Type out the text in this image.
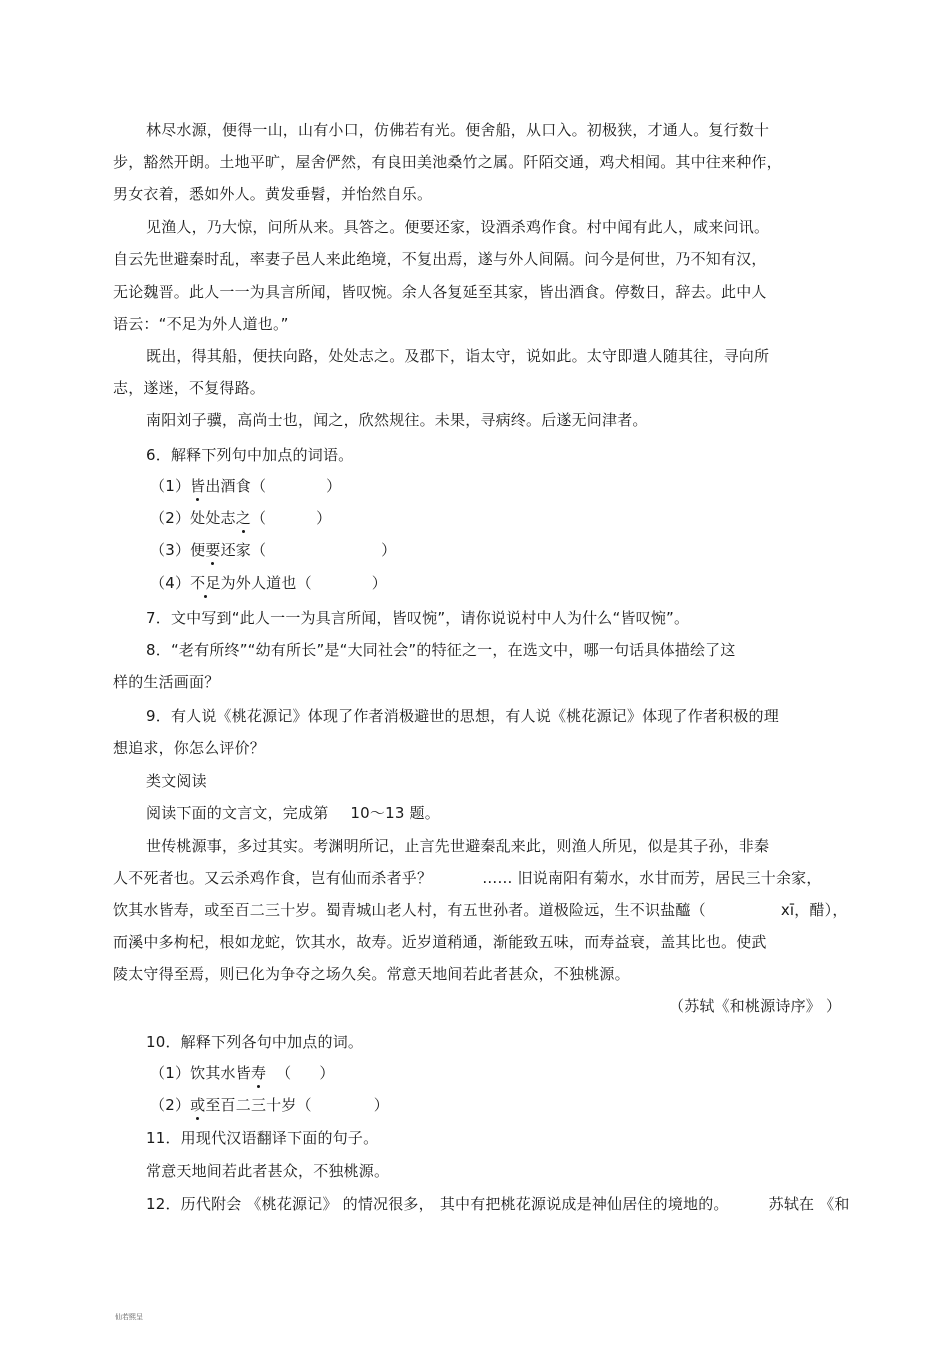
林尽水源，便得一山，山有小口，仿佛若有光。便舍船，从口入。初极狭，才通人。复行数十
步，豁然开朗。土地平旷，屋舍俨然，有良田美池桑竹之属。阡陌交通，鸡犬相闻。其中往来种作，
男女衣着，悉如外人。黄发垂髫，并怡然自乐。
见渔人，乃大惊，问所从来。具答之。便要还家，设酒杀鸡作食。村中闻有此人，咸来问讯。
自云先世避秦时乱，率妻子邑人来此绝境，不复出焉，遂与外人间隔。问今是何世，乃不知有汉，
无论魏晋。此人一一为具言所闻，皆叹惋。余人各复延至其家，皆出酒食。停数日，辞去。此中人
语云：“不足为外人道也。”
既出，得其船，便扶向路，处处志之。及郡下，诣太守，说如此。太守即遣人随其往，寻向所
志，遂迷，不复得路。
南阳刘子骥，高尚士也，闻之，欣然规往。未果，寻病终。后遂无问津者。
6．解释下列句中加点的词语。
（1）皆出酒食（	）
（2）处处志之（	）
（3）便要还家（	）
（4）不足为外人道也（	）
7．文中写到“此人一一为具言所闻，皆叹惋”，请你说说村中人为什么“皆叹惋”。
8．“老有所终”“幼有所长”是“大同社会”的特征之一，在选文中，哪一句话具体描绘了这
样的生活画面？
9．有人说《桃花源记》体现了作者消极避世的思想，有人说《桃花源记》体现了作者积极的理
想追求，你怎么评价？
类文阅读
阅读下面的文言文，完成第 10～13 题。
世传桃源事，多过其实。考渊明所记，止言先世避秦乱来此，则渔人所见，似是其子孙，非秦
人不死者也。又云杀鸡作食，岂有仙而杀者乎？	…… 旧说南阳有菊水，水甘而芳，居民三十余家，
饮其水皆寿，或至百二三十岁。蜀青城山老人村，有五世孙者。道极险远，生不识盐醯（	xī，醋），
而溪中多枸杞，根如龙蛇，饮其水，故寿。近岁道稍通，渐能致五味，而寿益衰，盖其比也。使武
陵太守得至焉，则已化为争夺之场久矣。常意天地间若此者甚众，不独桃源。
（苏轼《和桃源诗序》 ）
10．解释下列各句中加点的词。
（1）饮其水皆寿 （ ）
（2）或至百二三十岁（	）
11．用现代汉语翻译下面的句子。
常意天地间若此者甚众，不独桃源。
12．历代附会 《桃花源记》 的情况很多， 其中有把桃花源说成是神仙居住的境地的。	苏轼在 《和
仙若熙呈
